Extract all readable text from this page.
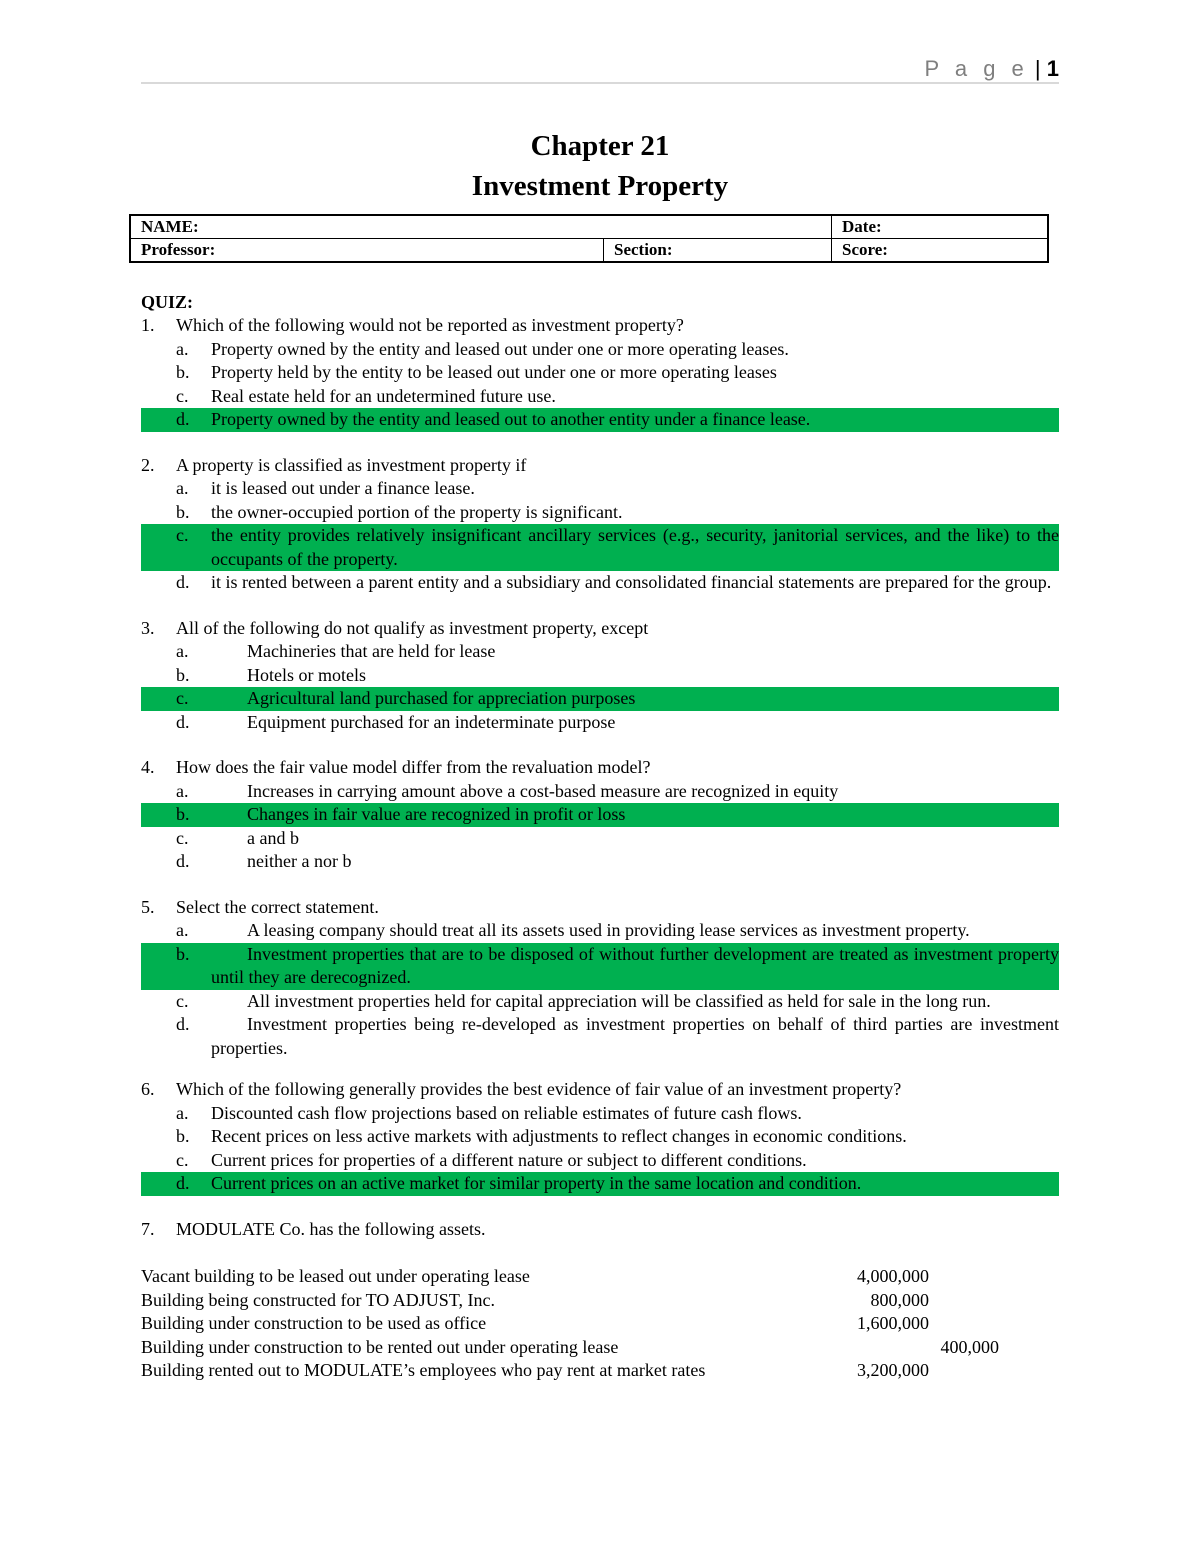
P a g e | 1
Chapter 21
Investment Property
NAME:		Date:
Professor:	Section:	Score:
QUIZ:
1.	Which of the following would not be reported as investment property?
a.	Property owned by the entity and leased out under one or more operating leases.
b.	Property held by the entity to be leased out under one or more operating leases
c.	Real estate held for an undetermined future use.
d.	Property owned by the entity and leased out to another entity under a finance lease.
2.	A property is classified as investment property if
a.	it is leased out under a finance lease.
b.	the owner-occupied portion of the property is significant.
c.	the entity provides relatively insignificant ancillary services (e.g., security, janitorial services, and the like) to the occupants of the property.
d.	it is rented between a parent entity and a subsidiary and consolidated financial statements are prepared for the group.
3.	All of the following do not qualify as investment property, except
a.	Machineries that are held for lease
b.	Hotels or motels
c.	Agricultural land purchased for appreciation purposes
d.	Equipment purchased for an indeterminate purpose
4.	How does the fair value model differ from the revaluation model?
a.	Increases in carrying amount above a cost-based measure are recognized in equity
b.	Changes in fair value are recognized in profit or loss
c.	a and b
d.	neither a nor b
5.	Select the correct statement.
a.	A leasing company should treat all its assets used in providing lease services as investment property.
b.	Investment properties that are to be disposed of without further development are treated as investment property until they are derecognized.
c.	All investment properties held for capital appreciation will be classified as held for sale in the long run.
d.	Investment properties being re-developed as investment properties on behalf of third parties are investment properties.
6.	Which of the following generally provides the best evidence of fair value of an investment property?
a.	Discounted cash flow projections based on reliable estimates of future cash flows.
b.	Recent prices on less active markets with adjustments to reflect changes in economic conditions.
c.	Current prices for properties of a different nature or subject to different conditions.
d.	Current prices on an active market for similar property in the same location and condition.
7.	MODULATE Co. has the following assets.
Vacant building to be leased out under operating lease	4,000,000
Building being constructed for TO ADJUST, Inc.	800,000
Building under construction to be used as office	1,600,000
Building under construction to be rented out under operating lease	400,000
Building rented out to MODULATE’s employees who pay rent at market rates	3,200,000
